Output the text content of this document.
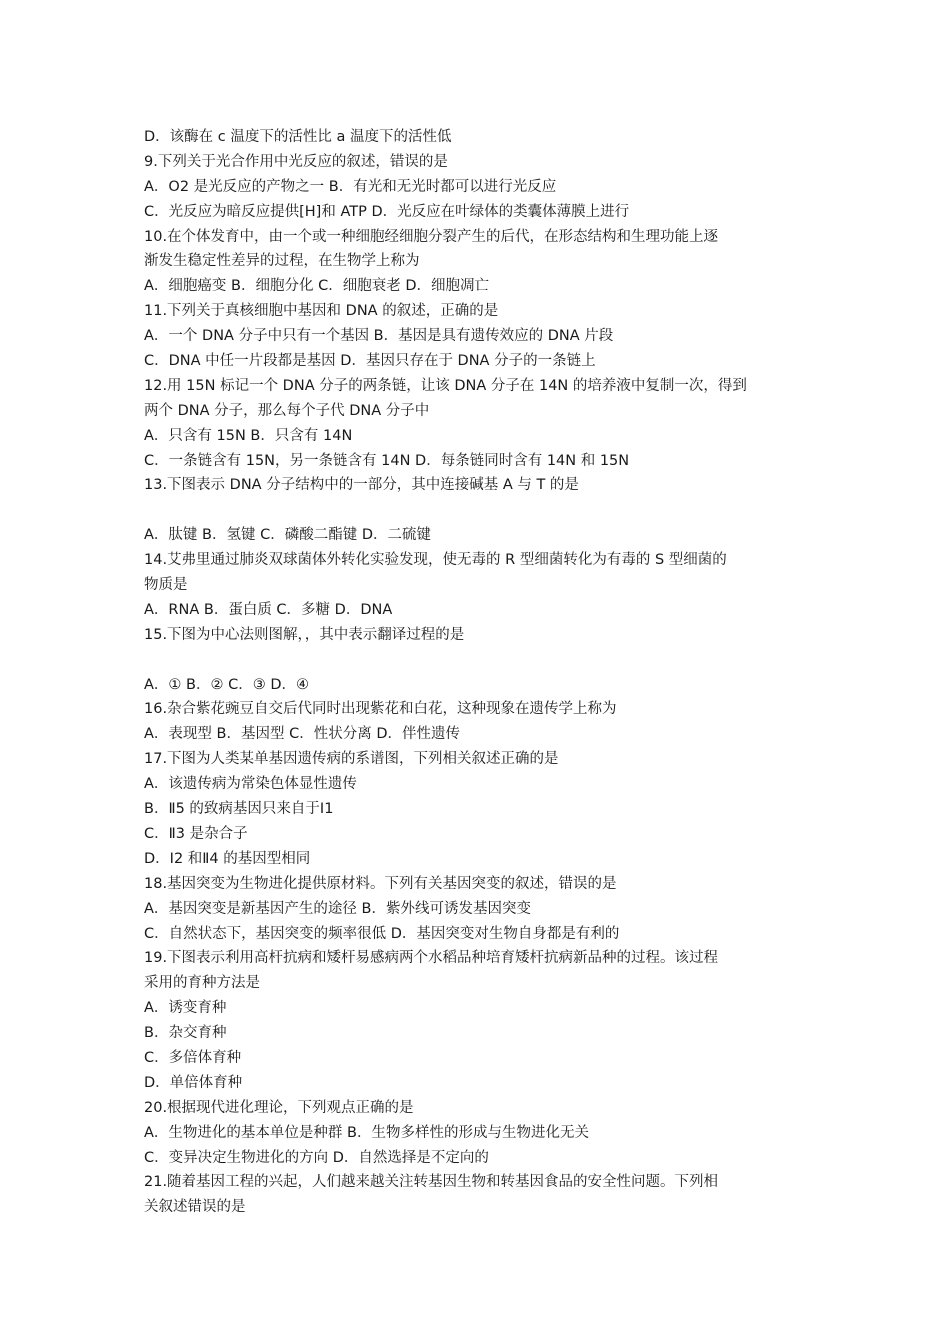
D．该酶在 c 温度下的活性比 a 温度下的活性低
9.下列关于光合作用中光反应的叙述，错误的是
A．O2 是光反应的产物之一 B．有光和无光时都可以进行光反应
C．光反应为暗反应提供[H]和 ATP D．光反应在叶绿体的类囊体薄膜上进行
10.在个体发育中，由一个或一种细胞经细胞分裂产生的后代，在形态结构和生理功能上逐
渐发生稳定性差异的过程，在生物学上称为
A．细胞癌变 B．细胞分化 C．细胞衰老 D．细胞凋亡
11.下列关于真核细胞中基因和 DNA 的叙述，正确的是
A．一个 DNA 分子中只有一个基因 B．基因是具有遗传效应的 DNA 片段
C．DNA 中任一片段都是基因 D．基因只存在于 DNA 分子的一条链上
12.用 15N 标记一个 DNA 分子的两条链，让该 DNA 分子在 14N 的培养液中复制一次，得到
两个 DNA 分子，那么每个子代 DNA 分子中
A．只含有 15N B．只含有 14N
C．一条链含有 15N，另一条链含有 14N D．每条链同时含有 14N 和 15N
13.下图表示 DNA 分子结构中的一部分，其中连接碱基 A 与 T 的是
A．肽键 B．氢键 C．磷酸二酯键 D．二硫键
14.艾弗里通过肺炎双球菌体外转化实验发现，使无毒的 R 型细菌转化为有毒的 S 型细菌的
物质是
A．RNA B．蛋白质 C．多糖 D．DNA
15.下图为中心法则图解，，其中表示翻译过程的是
A．① B．② C．③ D．④
16.杂合紫花豌豆自交后代同时出现紫花和白花，这种现象在遗传学上称为
A．表现型 B．基因型 C．性状分离 D．伴性遗传
17.下图为人类某单基因遗传病的系谱图，下列相关叙述正确的是
A．该遗传病为常染色体显性遗传
B．Ⅱ5 的致病基因只来自于Ⅰ1
C．Ⅱ3 是杂合子
D．Ⅰ2 和Ⅱ4 的基因型相同
18.基因突变为生物进化提供原材料。下列有关基因突变的叙述，错误的是
A．基因突变是新基因产生的途径 B．紫外线可诱发基因突变
C．自然状态下，基因突变的频率很低 D．基因突变对生物自身都是有利的
19.下图表示利用高杆抗病和矮杆易感病两个水稻品种培育矮杆抗病新品种的过程。该过程
采用的育种方法是
A．诱变育种
B．杂交育种
C．多倍体育种
D．单倍体育种
20.根据现代进化理论，下列观点正确的是
A．生物进化的基本单位是种群 B．生物多样性的形成与生物进化无关
C．变异决定生物进化的方向 D．自然选择是不定向的
21.随着基因工程的兴起，人们越来越关注转基因生物和转基因食品的安全性问题。下列相
关叙述错误的是
